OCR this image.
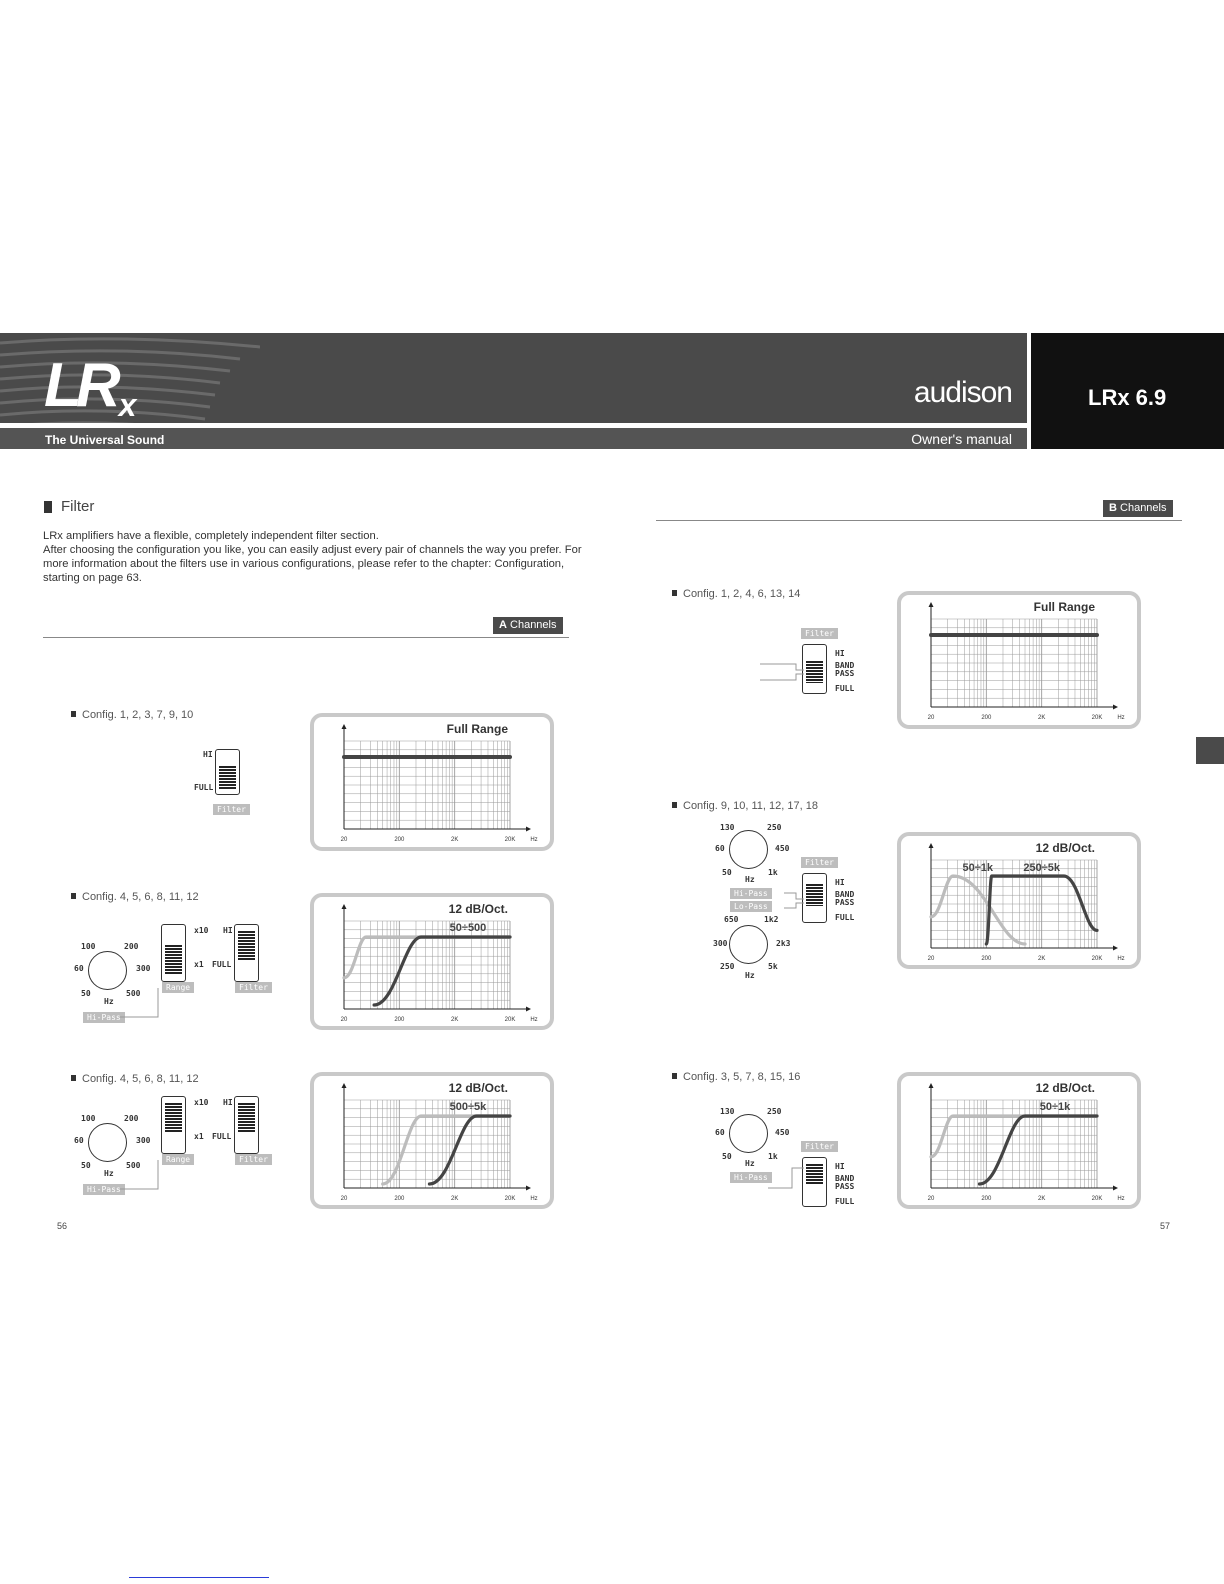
LR x
The Universal Sound
audison
Owner's manual
LRx 6.9
Filter

LRx amplifiers have a flexible, completely independent filter section.

After choosing the configuration you like, you can easily adjust every pair of channels the way you prefer. For more information about the filters use in various configurations, please refer to the chapter: Configuration, starting on page 63.

A Channels
Config. 1, 2, 3, 7, 9, 10
Config. 4, 5, 6, 8, 11, 12
Config. 4, 5, 6, 8, 11, 12
HI
FULL
Filter
100	200
60	300
50	500
Hz
Hi-Pass
x10
x1
Range
HI
FULL
Filter
100	200
60	300
50	500
Hz
Hi-Pass
x10
x1
Range
HI
FULL
Filter
56
B Channels
Config. 1, 2, 4, 6, 13, 14
Config. 9, 10, 11, 12, 17, 18
Config. 3, 5, 7, 8, 15, 16
Filter
HI
BAND
PASS
FULL
130	250
60	450
50	1k
Hz
Hi-Pass
Lo-Pass
650	1k2
300	2k3
250	5k
Hz
Filter
HI
BAND
PASS
FULL
130	250
60	450
50	1k
Hz
Hi-Pass
Filter
HI
BAND
PASS
FULL
57
20	200	2K	20K Hz
Full Range
20	200	2K	20K Hz
12 dB/Oct.
50÷500
20	200	2K	20K Hz
12 dB/Oct.
500÷5k
20	200	2K	20K Hz
Full Range
20	200	2K	20K Hz
12 dB/Oct.
50÷1k	250÷5k
20	200	2K	20K Hz
12 dB/Oct.
50÷1k
